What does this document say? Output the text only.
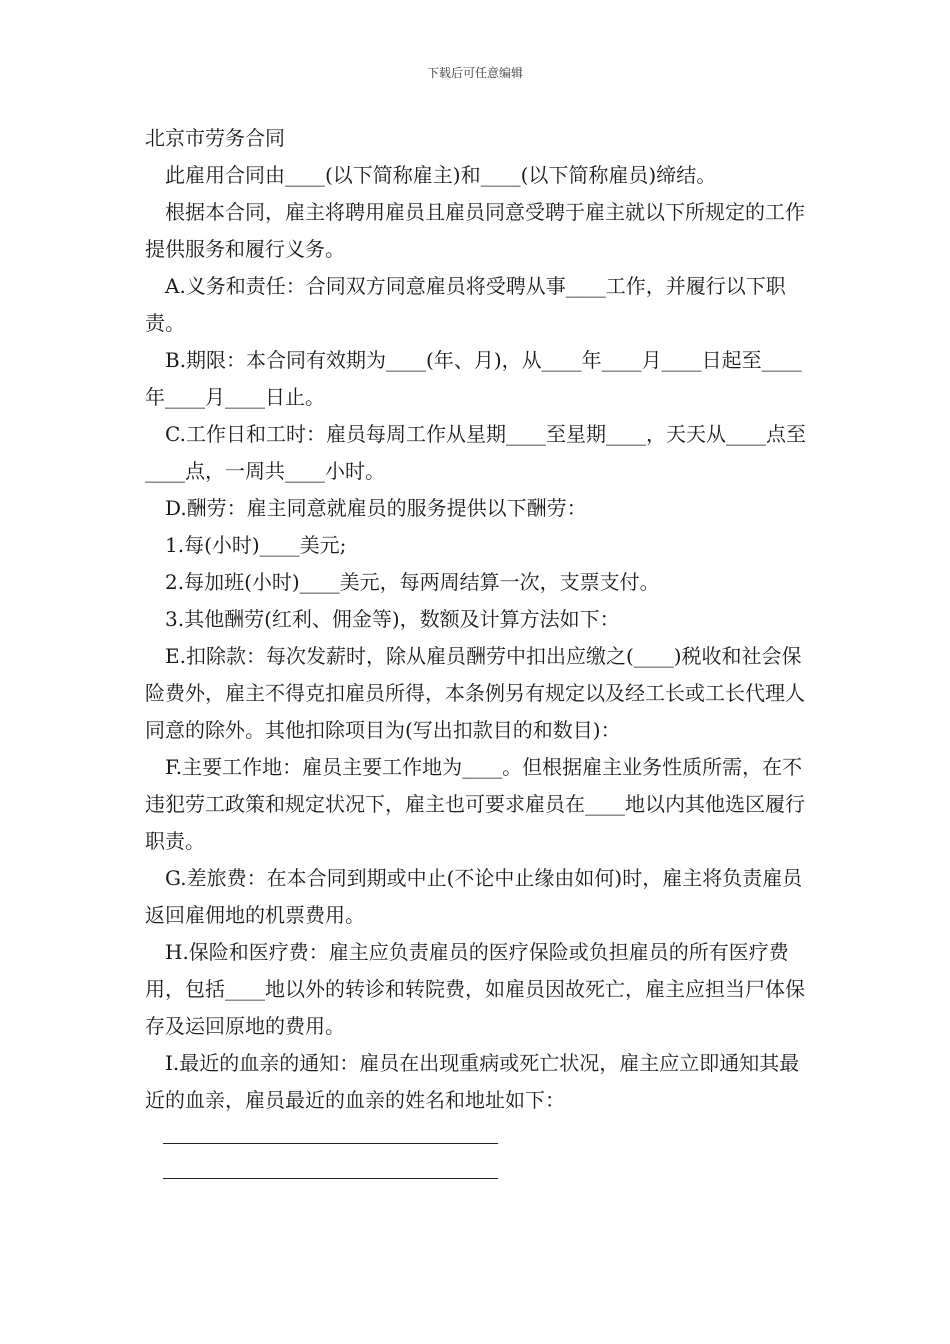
下载后可任意编辑

北京市劳务合同

此雇用合同由____(以下简称雇主)和____(以下简称雇员)缔结。

根据本合同，雇主将聘用雇员且雇员同意受聘于雇主就以下所规定的工作提供服务和履行义务。

A.义务和责任：合同双方同意雇员将受聘从事____工作，并履行以下职责。

B.期限：本合同有效期为____(年、月)，从____年____月____日起至____年____月____日止。

C.工作日和工时：雇员每周工作从星期____至星期____，天天从____点至____点，一周共____小时。

D.酬劳：雇主同意就雇员的服务提供以下酬劳：

1.每(小时)____美元;

2.每加班(小时)____美元，每两周结算一次，支票支付。

3.其他酬劳(红利、佣金等)，数额及计算方法如下：

E.扣除款：每次发薪时，除从雇员酬劳中扣出应缴之(____)税收和社会保险费外，雇主不得克扣雇员所得，本条例另有规定以及经工长或工长代理人同意的除外。其他扣除项目为(写出扣款目的和数目)：

F.主要工作地：雇员主要工作地为____。但根据雇主业务性质所需，在不违犯劳工政策和规定状况下，雇主也可要求雇员在____地以内其他选区履行职责。

G.差旅费：在本合同到期或中止(不论中止缘由如何)时，雇主将负责雇员返回雇佣地的机票费用。

H.保险和医疗费：雇主应负责雇员的医疗保险或负担雇员的所有医疗费用，包括____地以外的转诊和转院费，如雇员因故死亡，雇主应担当尸体保存及运回原地的费用。

I.最近的血亲的通知：雇员在出现重病或死亡状况，雇主应立即通知其最近的血亲，雇员最近的血亲的姓名和地址如下：
